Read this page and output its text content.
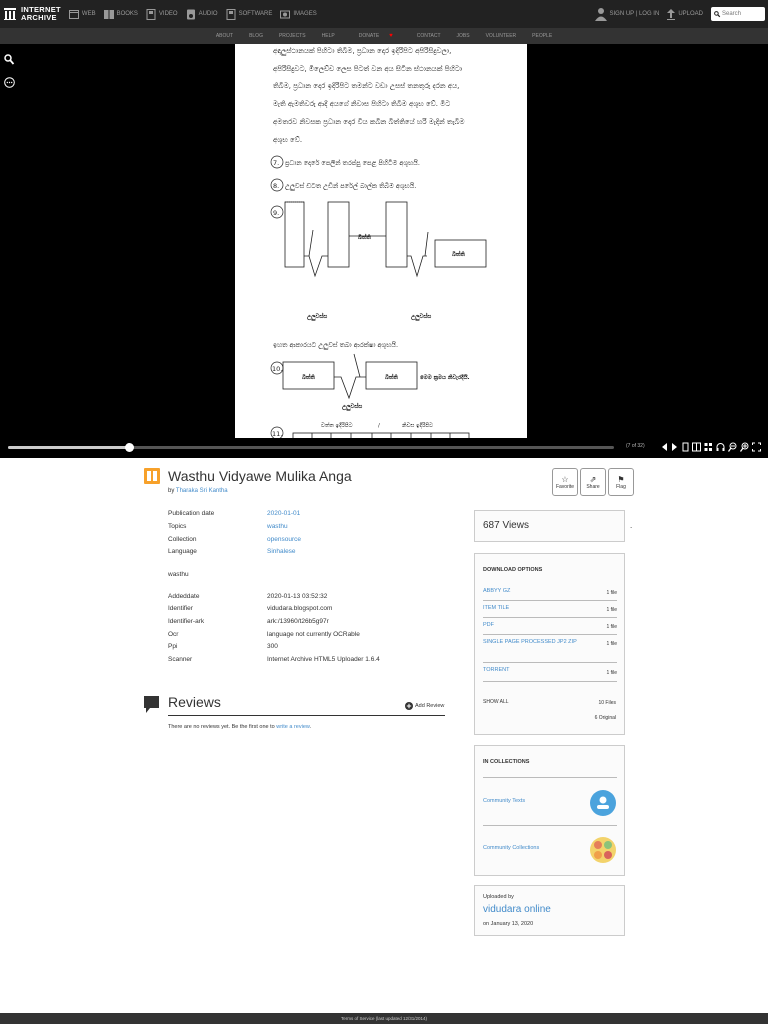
INTERNET
ARCHIVE	WEB	BOOKS	VIDEO	AUDIO	SOFTWARE	IMAGES	SIGN UP | LOG IN	UPLOAD	Search
ABOUT	BLOG	PROJECTS	HELP	DONATE ♥	CONTACT	JOBS	VOLUNTEER	PEOPLE
අඳාලුස්ථානයක් පිහිටා තිබීම, ප්‍රධාන දොර ඉදිරිපිට අපිරිසිදුවලා,
අපිරිසිදුවට, මිලෙච්ච ලෙස පිටත් වන අය සිටින ස්ථානයක් පිහිටා
තිබීම, ප්‍රධාන දොර ඉදිරිපිට තමන්ට වඩා උසස් තනතුරු දරන අය,
මැති ඇමතිවරු ආදී අයගේ නිවාස පිහිටා තිබීම අශුභ වේ. මීට
අමතරව නිවසක ප්‍රධාන දොර විය කබින බිත්තියේ හරි මැදින් තැබීම
අශුභ වේ.
7. ප්‍රධාන දොරේ පෙලින් තරප්පු පෙළ පිහිටීම අශුභයි.
8. උලුවස්‍ ඩටත උඩින් පරේල් බාල්ක තිබීම අශුභයි.
9.
බිත්ති
බිත්ති
උලුවස්ස	උලුවස්ස
ඉහත ආකාරයට උලුවස්‍ තබා ආරක්ෂා අශුභයි.
10.
බිත්ති	බිත්ති	මෙම ක්‍රමය නිවැරදියි.
උලුවස්ස
11.
වත්ත ඉදිරිපිට	/	නිවස ඉදිරිපිට
(7 of 32)
Wasthu Vidyawe Mulika Anga
by Tharaka Sri Kantha
☆
Favorite
⇗
Share
⚑
Flag
Publication date	2020-01-01
Topics	wasthu
Collection	opensource
Language	Sinhalese
wasthu
Addeddate	2020-01-13 03:52:32
Identifier	vidudara.blogspot.com
Identifier-ark	ark:/13960/t26b5g97r
Ocr	language not currently OCRable
Ppi	300
Scanner	Internet Archive HTML5 Uploader 1.6.4
Reviews	Add Review
There are no reviews yet. Be the first one to write a review.
687 Views	.
DOWNLOAD OPTIONS
ABBYY GZ	1 file
ITEM TILE	1 file
PDF	1 file
SINGLE PAGE PROCESSED JP2 ZIP	1 file
TORRENT	1 file
SHOW ALL	10 Files
6 Original
IN COLLECTIONS
Community Texts
Community Collections
Uploaded by
vidudara online
on January 13, 2020
Terms of Service (last updated 12/31/2014)
